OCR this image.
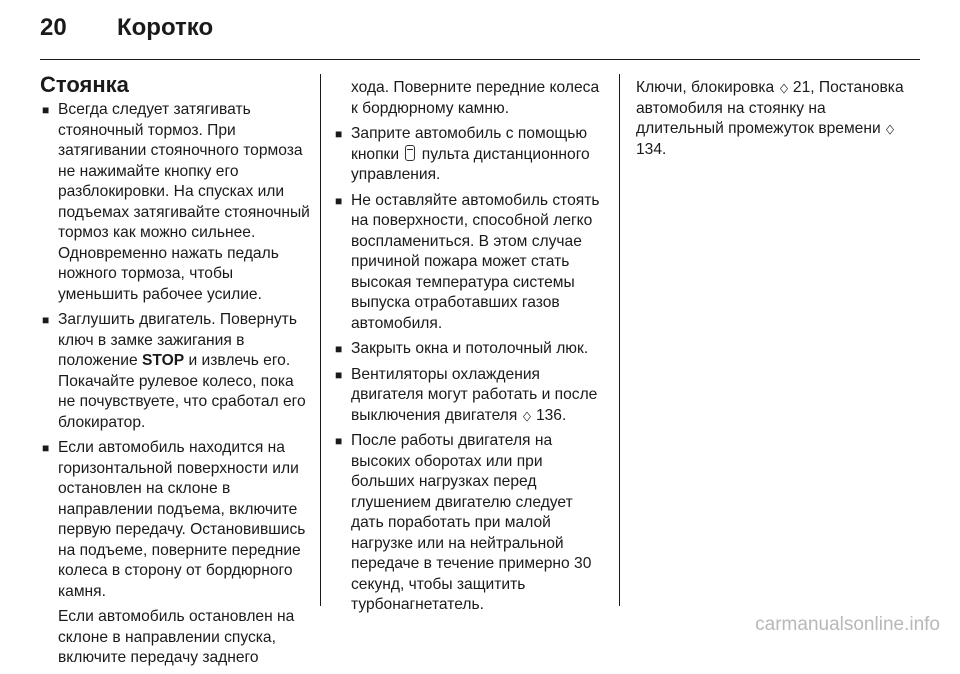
20	Коротко
Стоянка
■ Всегда следует затягивать стояночный тормоз. При затягивании стояночного тормоза не нажимайте кнопку его разблокировки. На спусках или подъемах затягивайте стояночный тормоз как можно сильнее. Одновременно нажать педаль ножного тормоза, чтобы уменьшить рабочее усилие.
■ Заглушить двигатель. Повернуть ключ в замке зажигания в положение STOP и извлечь его. Покачайте рулевое колесо, пока не почувствуете, что сработал его блокиратор.
■ Если автомобиль находится на горизонтальной поверхности или остановлен на склоне в направлении подъема, включите первую передачу. Остановившись на подъеме, поверните передние колеса в сторону от бордюрного камня.

Если автомобиль остановлен на склоне в направлении спуска, включите передачу заднего

хода. Поверните передние колеса к бордюрному камню.

■ Заприте автомобиль с помощью кнопки  пульта дистанционного управления.
■ Не оставляйте автомобиль стоять на поверхности, способной легко воспламениться. В этом случае причиной пожара может стать высокая температура системы выпуска отработавших газов автомобиля.
■ Закрыть окна и потолочный люк.
■ Вентиляторы охлаждения двигателя могут работать и после выключения двигателя ◇ 136.
■ После работы двигателя на высоких оборотах или при больших нагрузках перед глушением двигателю следует дать поработать при малой нагрузке или на нейтральной передаче в течение примерно 30 секунд, чтобы защитить турбонагнетатель.

Ключи, блокировка ◇ 21, Постановка автомобиля на стоянку на длительный промежуток времени ◇ 134.

carmanualsonline.info
